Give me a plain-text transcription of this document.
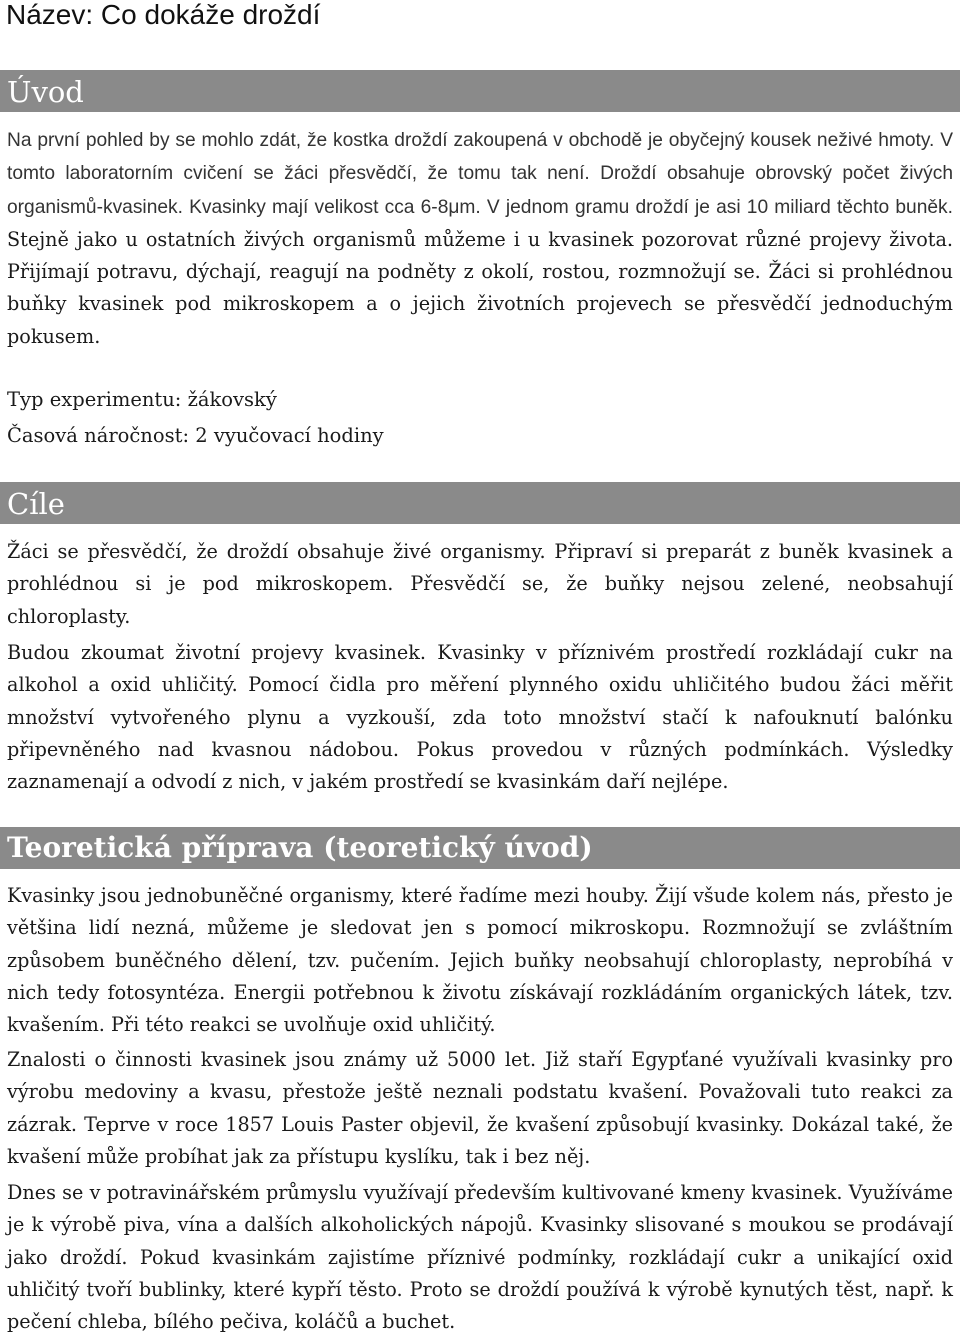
Název: Co dokáže droždí
Úvod

Na první pohled by se mohlo zdát, že kostka droždí zakoupená v obchodě je obyčejný kousek neživé hmoty. V tomto laboratorním cvičení se žáci přesvědčí, že tomu tak není. Droždí obsahuje obrovský počet živých organismů-kvasinek. Kvasinky mají velikost cca 6-8μm. V jednom gramu droždí je asi 10 miliard těchto buněk. Stejně jako u ostatních živých organismů můžeme i u kvasinek pozorovat různé projevy života. Přijímají potravu, dýchají, reagují na podněty z okolí, rostou, rozmnožují se. Žáci si prohlédnou buňky kvasinek pod mikroskopem a o jejich životních projevech se přesvědčí jednoduchým pokusem.

Typ experimentu: žákovský

Časová náročnost: 2 vyučovací hodiny

Cíle

Žáci se přesvědčí, že droždí obsahuje živé organismy. Připraví si preparát z buněk kvasinek a prohlédnou si je pod mikroskopem. Přesvědčí se, že buňky nejsou zelené, neobsahují chloroplasty.

Budou zkoumat životní projevy kvasinek. Kvasinky v příznivém prostředí rozkládají cukr na alkohol a oxid uhličitý. Pomocí čidla pro měření plynného oxidu uhličitého budou žáci měřit množství vytvořeného plynu a vyzkouší, zda toto množství stačí k nafouknutí balónku připevněného nad kvasnou nádobou. Pokus provedou v různých podmínkách. Výsledky zaznamenají a odvodí z nich, v jakém prostředí se kvasinkám daří nejlépe.

Teoretická příprava (teoretický úvod)

Kvasinky jsou jednobuněčné organismy, které řadíme mezi houby. Žijí všude kolem nás, přesto je většina lidí nezná, můžeme je sledovat jen s pomocí mikroskopu. Rozmnožují se zvláštním způsobem buněčného dělení, tzv. pučením. Jejich buňky neobsahují chloroplasty, neprobíhá v nich tedy fotosyntéza. Energii potřebnou k životu získávají rozkládáním organických látek, tzv. kvašením. Při této reakci se uvolňuje oxid uhličitý.

Znalosti o činnosti kvasinek jsou známy už 5000 let. Již staří Egypťané využívali kvasinky pro výrobu medoviny a kvasu, přestože ještě neznali podstatu kvašení. Považovali tuto reakci za zázrak. Teprve v roce 1857 Louis Paster objevil, že kvašení způsobují kvasinky. Dokázal také, že kvašení může probíhat jak za přístupu kyslíku, tak i bez něj.

Dnes se v potravinářském průmyslu využívají především kultivované kmeny kvasinek. Využíváme je k výrobě piva, vína a dalších alkoholických nápojů. Kvasinky slisované s moukou se prodávají jako droždí. Pokud kvasinkám zajistíme příznivé podmínky, rozkládají cukr a unikající oxid uhličitý tvoří bublinky, které kypří těsto. Proto se droždí používá k výrobě kynutých těst, např. k pečení chleba, bílého pečiva, koláčů a buchet.
